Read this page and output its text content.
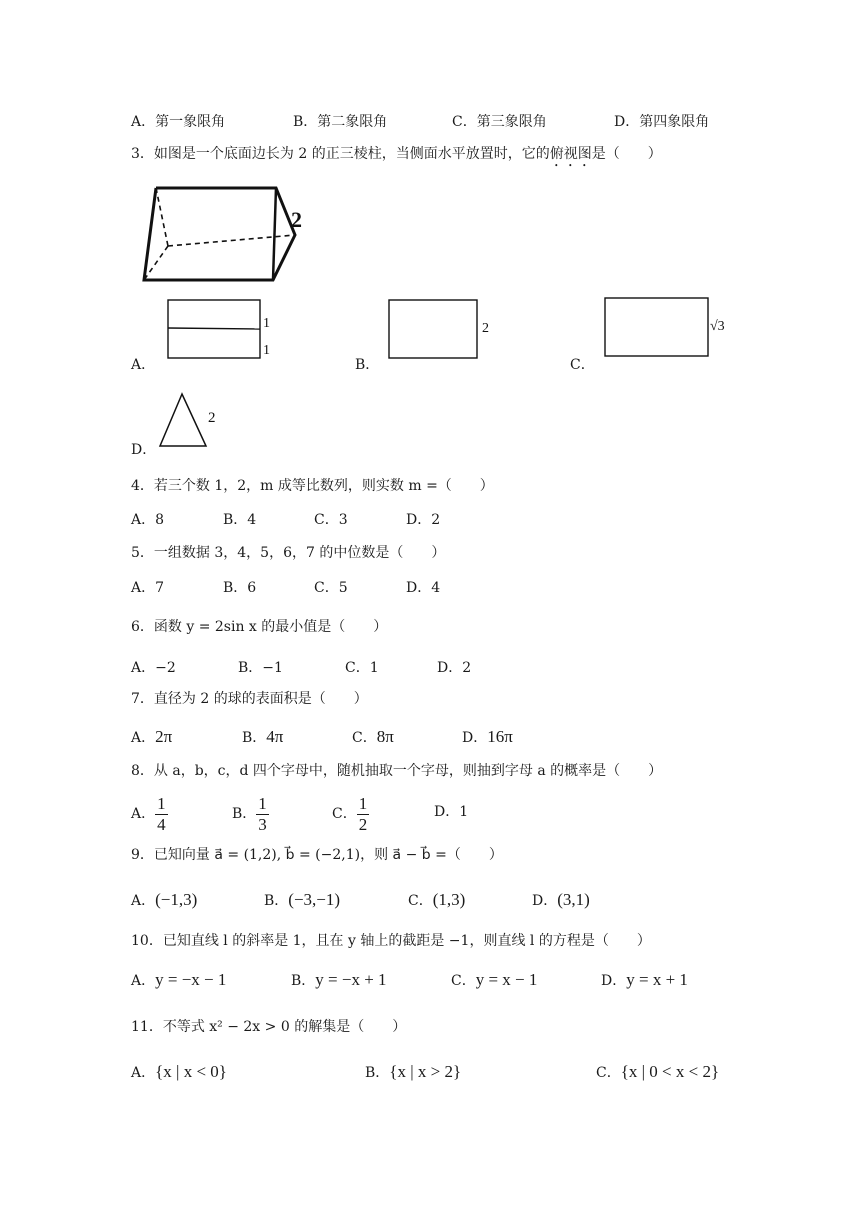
A．第一象限角	B．第二象限角	C．第三象限角	D．第四象限角
3．如图是一个底面边长为 2 的正三棱柱，当侧面水平放置时，它的俯视图是（　　）
2
A．
1
1
B．
2
C．
√3
D．
2
4．若三个数 1，2，m 成等比数列，则实数 m =（　　）
A．8	B．4	C．3	D．2
5．一组数据 3，4，5，6，7 的中位数是（　　）
A．7	B．6	C．5	D．4
6．函数 y = 2sin x 的最小值是（　　）
A．−2	B．−1	C．1	D．2
7．直径为 2 的球的表面积是（　　）
A．2π	B．4π	C．8π	D．16π
8．从 a，b，c，d 四个字母中，随机抽取一个字母，则抽到字母 a 的概率是（　　）
A． $\frac{1}{4}$	B． $\frac{1}{3}$	C． $\frac{1}{2}$	D．1
9．已知向量 a⃗ = (1,2), b⃗ = (−2,1)，则 a⃗ − b⃗ =（　　）
A．(−1,3)	B．(−3,−1)	C．(1,3)	D．(3,1)
10．已知直线 l 的斜率是 1，且在 y 轴上的截距是 −1，则直线 l 的方程是（　　）
A．y = −x − 1	B．y = −x + 1	C．y = x − 1	D．y = x + 1
11．不等式 x² − 2x > 0 的解集是（　　）
A．{x | x < 0}	B．{x | x > 2}	C．{x | 0 < x < 2}
